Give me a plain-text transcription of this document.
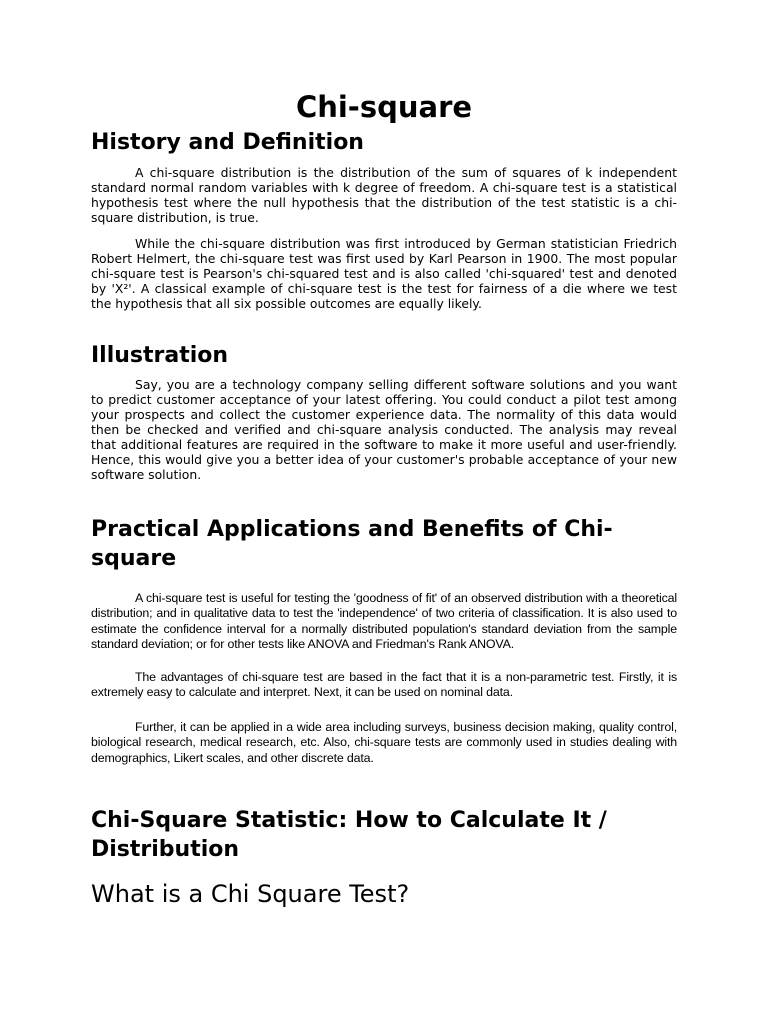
Chi-square
History and Definition

A chi-square distribution is the distribution of the sum of squares of k independent standard normal random variables with k degree of freedom. A chi-square test is a statistical hypothesis test where the null hypothesis that the distribution of the test statistic is a chi-square distribution, is true.

While the chi-square distribution was first introduced by German statistician Friedrich Robert Helmert, the chi-square test was first used by Karl Pearson in 1900. The most popular chi-square test is Pearson's chi-squared test and is also called 'chi-squared' test and denoted by 'X²'. A classical example of chi-square test is the test for fairness of a die where we test the hypothesis that all six possible outcomes are equally likely.

Illustration

Say, you are a technology company selling different software solutions and you want to predict customer acceptance of your latest offering. You could conduct a pilot test among your prospects and collect the customer experience data. The normality of this data would then be checked and verified and chi-square analysis conducted. The analysis may reveal that additional features are required in the software to make it more useful and user-friendly. Hence, this would give you a better idea of your customer's probable acceptance of your new software solution.

Practical Applications and Benefits of Chi-square

A chi-square test is useful for testing the 'goodness of fit' of an observed distribution with a theoretical distribution; and in qualitative data to test the 'independence' of two criteria of classification. It is also used to estimate the confidence interval for a normally distributed population's standard deviation from the sample standard deviation; or for other tests like ANOVA and Friedman's Rank ANOVA.

The advantages of chi-square test are based in the fact that it is a non-parametric test. Firstly, it is extremely easy to calculate and interpret. Next, it can be used on nominal data.

Further, it can be applied in a wide area including surveys, business decision making, quality control, biological research, medical research, etc. Also, chi-square tests are commonly used in studies dealing with demographics, Likert scales, and other discrete data.

Chi-Square Statistic: How to Calculate It / Distribution
What is a Chi Square Test?
